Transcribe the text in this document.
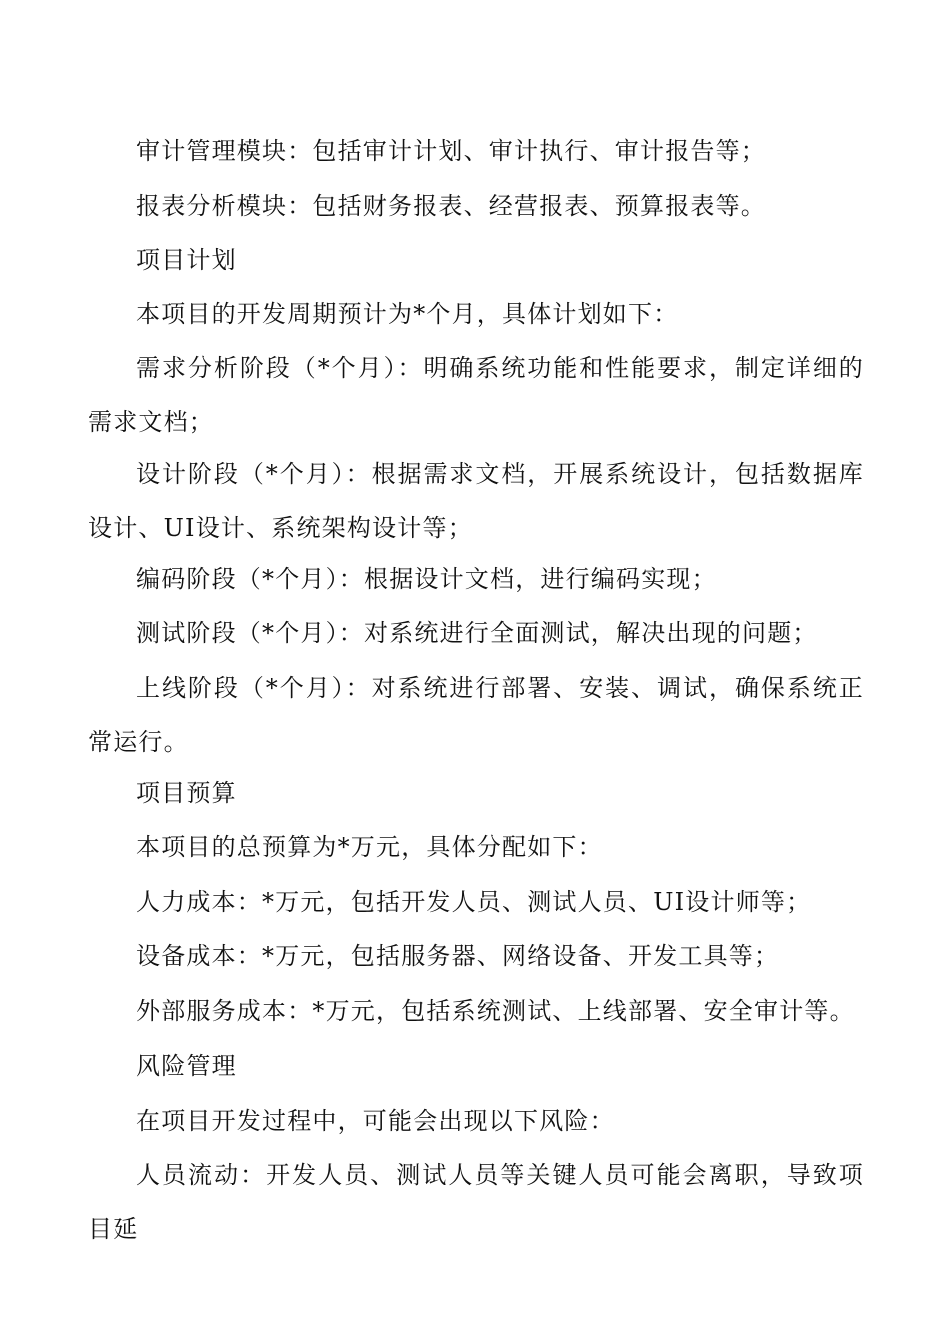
审计管理模块：包括审计计划、审计执行、审计报告等；

报表分析模块：包括财务报表、经营报表、预算报表等。

项目计划

本项目的开发周期预计为*个月，具体计划如下：

需求分析阶段（*个月）：明确系统功能和性能要求，制定详细的需求文档；

设计阶段（*个月）：根据需求文档，开展系统设计，包括数据库设计、UI设计、系统架构设计等；

编码阶段（*个月）：根据设计文档，进行编码实现；

测试阶段（*个月）：对系统进行全面测试，解决出现的问题；

上线阶段（*个月）：对系统进行部署、安装、调试，确保系统正常运行。

项目预算

本项目的总预算为*万元，具体分配如下：

人力成本：*万元，包括开发人员、测试人员、UI设计师等；

设备成本：*万元，包括服务器、网络设备、开发工具等；

外部服务成本：*万元，包括系统测试、上线部署、安全审计等。

风险管理

在项目开发过程中，可能会出现以下风险：

人员流动：开发人员、测试人员等关键人员可能会离职，导致项目延
